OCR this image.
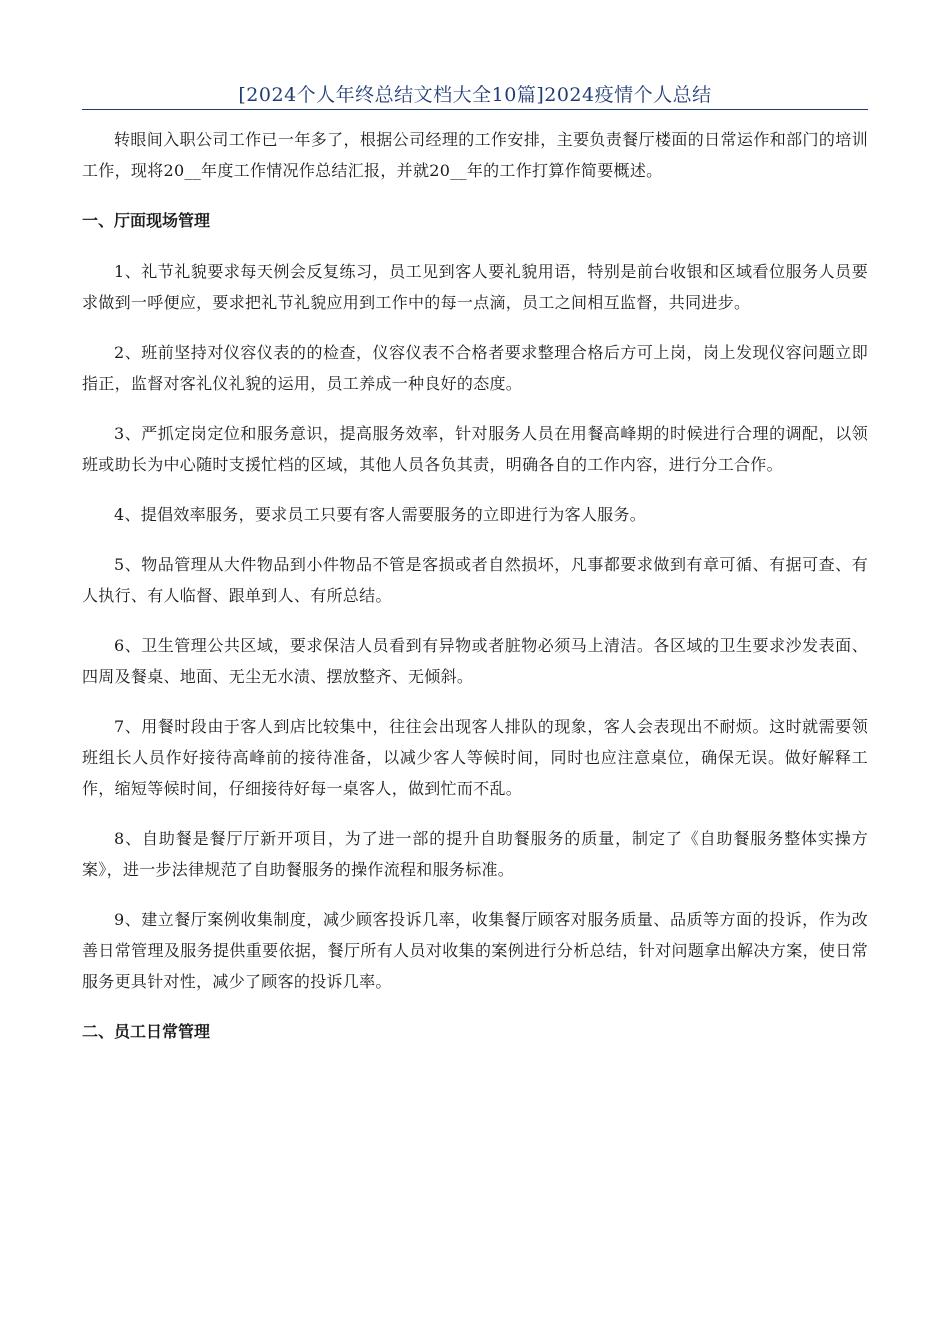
[2024个人年终总结文档大全10篇]2024疫情个人总结

转眼间入职公司工作已一年多了，根据公司经理的工作安排，主要负责餐厅楼面的日常运作和部门的培训工作，现将20__年度工作情况作总结汇报，并就20__年的工作打算作简要概述。

一、厅面现场管理

1、礼节礼貌要求每天例会反复练习，员工见到客人要礼貌用语，特别是前台收银和区域看位服务人员要求做到一呼便应，要求把礼节礼貌应用到工作中的每一点滴，员工之间相互监督，共同进步。

2、班前坚持对仪容仪表的的检查，仪容仪表不合格者要求整理合格后方可上岗，岗上发现仪容问题立即指正，监督对客礼仪礼貌的运用，员工养成一种良好的态度。

3、严抓定岗定位和服务意识，提高服务效率，针对服务人员在用餐高峰期的时候进行合理的调配，以领班或助长为中心随时支援忙档的区域，其他人员各负其责，明确各自的工作内容，进行分工合作。

4、提倡效率服务，要求员工只要有客人需要服务的立即进行为客人服务。

5、物品管理从大件物品到小件物品不管是客损或者自然损坏，凡事都要求做到有章可循、有据可查、有人执行、有人临督、跟单到人、有所总结。

6、卫生管理公共区域，要求保洁人员看到有异物或者脏物必须马上清洁。各区域的卫生要求沙发表面、四周及餐桌、地面、无尘无水渍、摆放整齐、无倾斜。

7、用餐时段由于客人到店比较集中，往往会出现客人排队的现象，客人会表现出不耐烦。这时就需要领班组长人员作好接待高峰前的接待准备，以减少客人等候时间，同时也应注意桌位，确保无误。做好解释工作，缩短等候时间，仔细接待好每一桌客人，做到忙而不乱。

8、自助餐是餐厅厅新开项目，为了进一部的提升自助餐服务的质量，制定了《自助餐服务整体实操方案》，进一步法律规范了自助餐服务的操作流程和服务标准。

9、建立餐厅案例收集制度，减少顾客投诉几率，收集餐厅顾客对服务质量、品质等方面的投诉，作为改善日常管理及服务提供重要依据，餐厅所有人员对收集的案例进行分析总结，针对问题拿出解决方案，使日常服务更具针对性，减少了顾客的投诉几率。

二、员工日常管理
